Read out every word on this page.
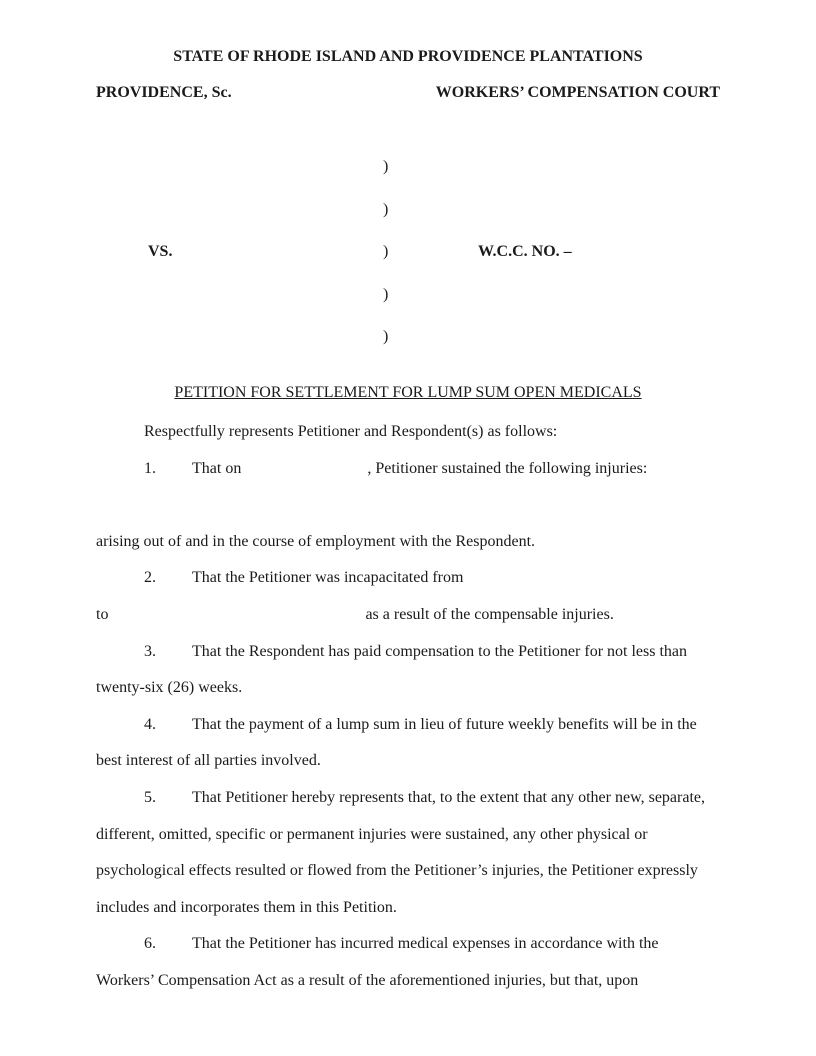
STATE OF RHODE ISLAND AND PROVIDENCE PLANTATIONS
PROVIDENCE, Sc.	WORKERS’ COMPENSATION COURT
)
)
VS.	)	W.C.C. NO. –
)
)
PETITION FOR SETTLEMENT FOR LUMP SUM OPEN MEDICALS
Respectfully represents Petitioner and Respondent(s) as follows:
1. That on	, Petitioner sustained the following injuries:
arising out of and in the course of employment with the Respondent.
2. That the Petitioner was incapacitated from
to	as a result of the compensable injuries.
3. That the Respondent has paid compensation to the Petitioner for not less than
twenty-six (26) weeks.
4. That the payment of a lump sum in lieu of future weekly benefits will be in the
best interest of all parties involved.
5. That Petitioner hereby represents that, to the extent that any other new, separate,
different, omitted, specific or permanent injuries were sustained, any other physical or
psychological effects resulted or flowed from the Petitioner’s injuries, the Petitioner expressly
includes and incorporates them in this Petition.
6. That the Petitioner has incurred medical expenses in accordance with the
Workers’ Compensation Act as a result of the aforementioned injuries, but that, upon
